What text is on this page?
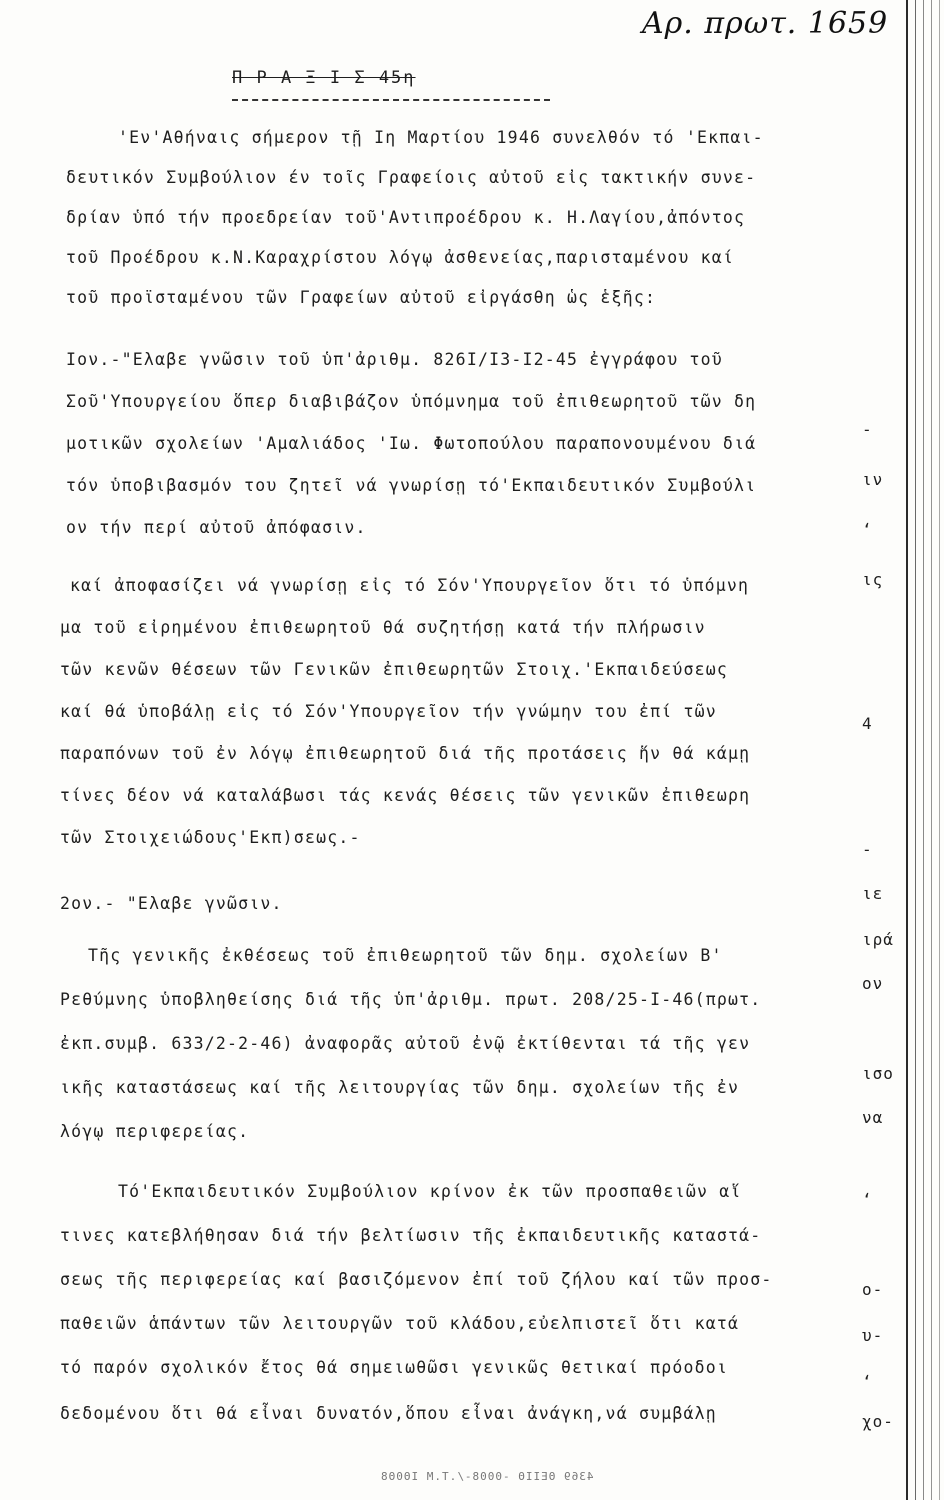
Αρ. πρωτ. 1659
Π Ρ Α Ξ Ι Σ 45η
'Εν'Αθήναις σήμερον τῇ Ιη Μαρτίου 1946 συνελθόν τό 'Εκπαι-
δευτικόν Συμβούλιον έν τοῖς Γραφείοις αὐτοῦ εἰς τακτικήν συνε-
δρίαν ὑπό τήν προεδρείαν τοῦ'Αντιπροέδρου κ. Η.Λαγίου,ἀπόντος
τοῦ Προέδρου κ.Ν.Καραχρίστου λόγῳ ἀσθενείας,παρισταμένου καί
τοῦ προϊσταμένου τῶν Γραφείων αὐτοῦ εἰργάσθη ὡς ἑξῆς:
Ιον.-"Ελαβε γνῶσιν τοῦ ὑπ'ἀριθμ. 826Ι/Ι3-Ι2-45 ἐγγράφου τοῦ
Σοῦ'Υπουργείου ὅπερ διαβιβάζον ὑπόμνημα τοῦ ἐπιθεωρητοῦ τῶν δη
μοτικῶν σχολείων 'Αμαλιάδος 'Ιω. Φωτοπούλου παραπονουμένου διά
τόν ὑποβιβασμόν του ζητεῖ νά γνωρίσῃ τό'Εκπαιδευτικόν Συμβούλι
ον τήν περί αὐτοῦ ἀπόφασιν.
καί ἀποφασίζει νά γνωρίσῃ εἰς τό Σόν'Υπουργεῖον ὅτι τό ὑπόμνη
μα τοῦ εἰρημένου ἐπιθεωρητοῦ θά συζητήσῃ κατά τήν πλήρωσιν
τῶν κενῶν θέσεων τῶν Γενικῶν ἐπιθεωρητῶν Στοιχ.'Εκπαιδεύσεως
καί θά ὑποβάλῃ εἰς τό Σόν'Υπουργεῖον τήν γνώμην του ἐπί τῶν
παραπόνων τοῦ ἐν λόγῳ ἐπιθεωρητοῦ διά τῆς προτάσεις ἥν θά κάμῃ
τίνες δέον νά καταλάβωσι τάς κενάς θέσεις τῶν γενικῶν ἐπιθεωρη
τῶν Στοιχειώδους'Εκπ)σεως.-
2ον.- "Ελαβε γνῶσιν.
Τῆς γενικῆς ἐκθέσεως τοῦ ἐπιθεωρητοῦ τῶν δημ. σχολείων Β'
Ρεθύμνης ὑποβληθείσης διά τῆς ὑπ'ἀριθμ. πρωτ. 208/25-Ι-46(πρωτ.
ἐκπ.συμβ. 633/2-2-46) ἀναφορᾶς αὐτοῦ ἐνῷ ἐκτίθενται τά τῆς γεν
ικῆς καταστάσεως καί τῆς λειτουργίας τῶν δημ. σχολείων τῆς ἐν
λόγῳ περιφερείας.
Τό'Εκπαιδευτικόν Συμβούλιον κρίνον ἐκ τῶν προσπαθειῶν αἵ
τινες κατεβλήθησαν διά τήν βελτίωσιν τῆς ἐκπαιδευτικῆς καταστά-
σεως τῆς περιφερείας καί βασιζόμενον ἐπί τοῦ ζήλου καί τῶν προσ-
παθειῶν ἁπάντων τῶν λειτουργῶν τοῦ κλάδου,εὐελπιστεῖ ὅτι κατά
τό παρόν σχολικόν ἔτος θά σημειωθῶσι γενικῶς θετικαί πρόοδοι
δεδομένου ὅτι θά εἶναι δυνατόν,ὅπου εἶναι ἀνάγκη,νά συμβάλῃ
-
ιν
ʻ
ις
4
-
ιε
ιρά
ον
ισο
να
ʻ
ο-
υ-
ʻ
χο-
4369 ΘΕΙΙΘ -0008-/.Τ.Μ ΙΘ0Θ8
